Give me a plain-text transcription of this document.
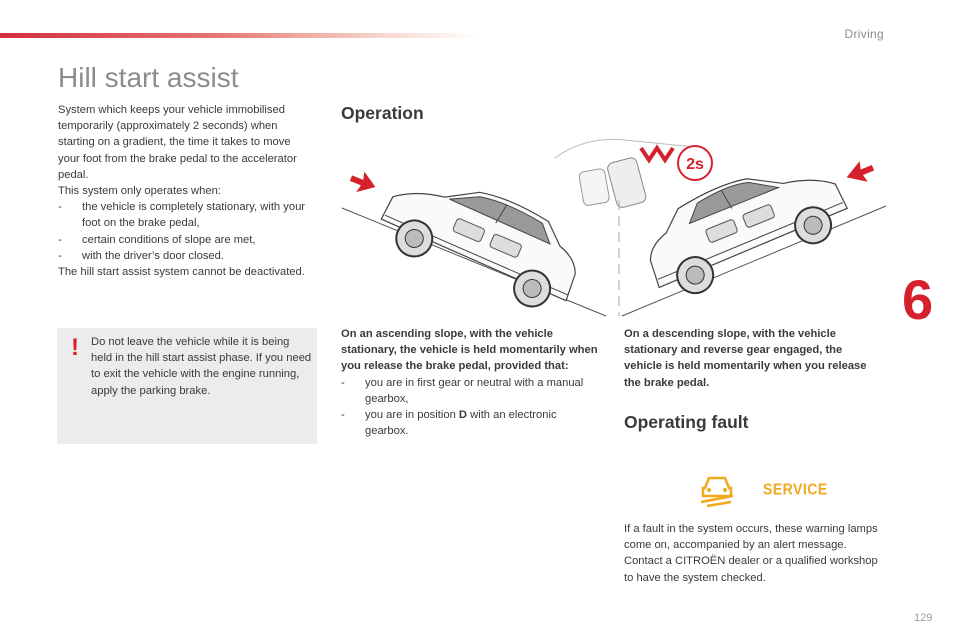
Driving
6
129
Hill start assist

System which keeps your vehicle immobilised temporarily (approximately 2 seconds) when starting on a gradient, the time it takes to move your foot from the brake pedal to the accelerator pedal.

This system only operates when:

- the vehicle is completely stationary, with your foot on the brake pedal,
- certain conditions of slope are met,
- with the driver’s door closed.

The hill start assist system cannot be deactivated.

! Do not leave the vehicle while it is being held in the hill start assist phase. If you need to exit the vehicle with the engine running, apply the parking brake.
Operation
2s

On an ascending slope, with the vehicle stationary, the vehicle is held momentarily when you release the brake pedal, provided that:

- you are in first gear or neutral with a manual gearbox,
- you are in position D with an electronic gearbox.

On a descending slope, with the vehicle stationary and reverse gear engaged, the vehicle is held momentarily when you release the brake pedal.

Operating fault
SERVICE
If a fault in the system occurs, these warning lamps come on, accompanied by an alert message. Contact a CITROËN dealer or a qualified workshop to have the system checked.
